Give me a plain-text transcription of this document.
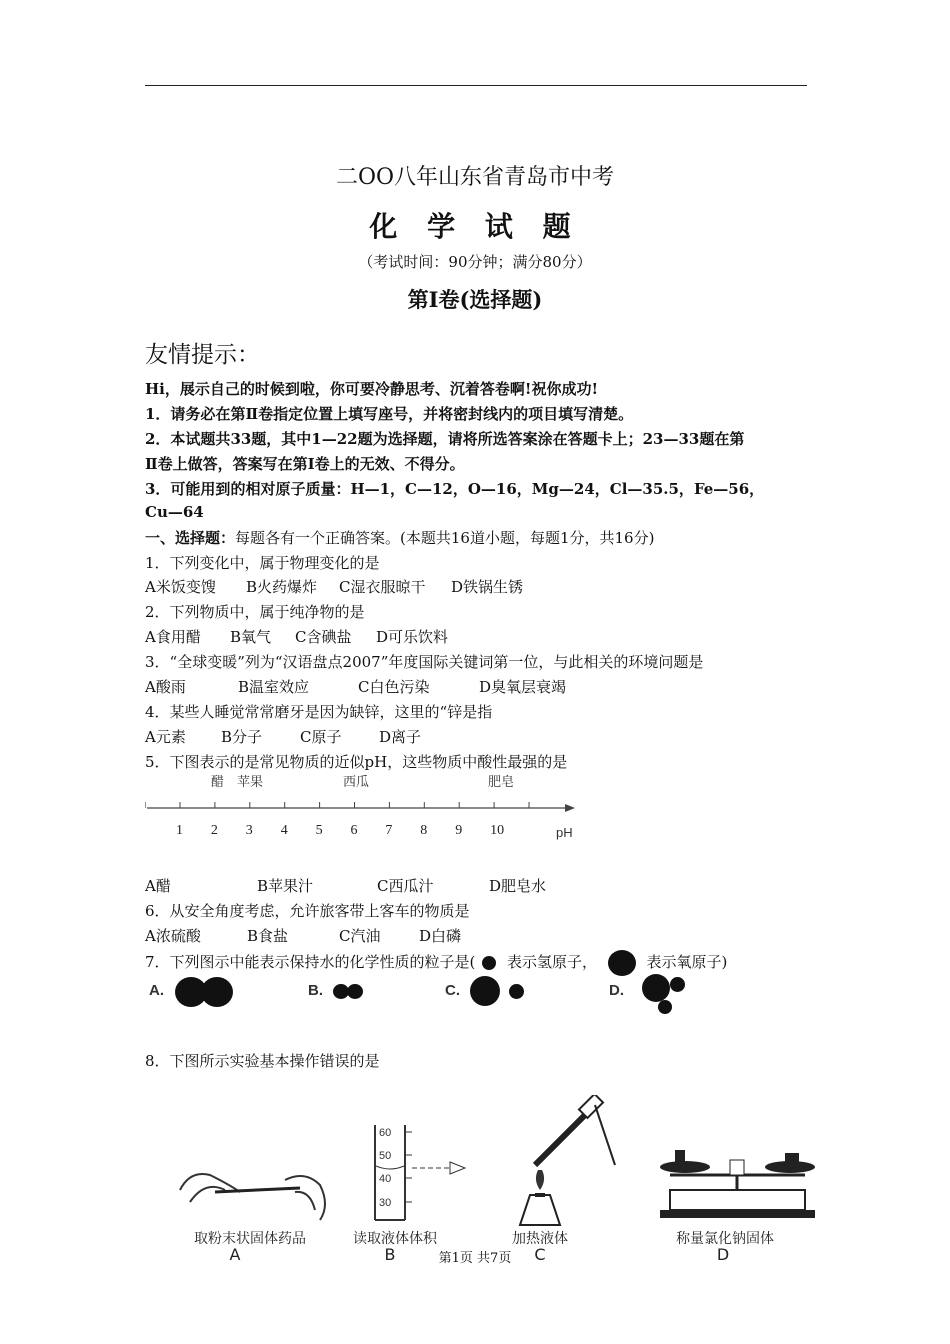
二OO八年山东省青岛市中考
化 学 试 题
（考试时间：90分钟；满分80分）
第Ⅰ卷(选择题)
友情提示：
Hi，展示自己的时候到啦，你可要冷静思考、沉着答卷啊!祝你成功!
1．请务必在第Ⅱ卷指定位置上填写座号，并将密封线内的项目填写清楚。
2．本试题共33题，其中1—22题为选择题，请将所选答案涂在答题卡上；23—33题在第
Ⅱ卷上做答，答案写在第Ⅰ卷上的无效、不得分。
3．可能用到的相对原子质量：H—1，C—12，O—16，Mg—24，Cl—35.5，Fe—56，
Cu—64
一、选择题：每题各有一个正确答案。(本题共16道小题，每题1分，共16分)
1．下列变化中，属于物理变化的是
A米饭变馊 B火药爆炸 C湿衣服晾干 D铁锅生锈
2．下列物质中，属于纯净物的是
A食用醋 B氧气 C含碘盐 D可乐饮料
3．“全球变暖”列为“汉语盘点2007”年度国际关键词第一位，与此相关的环境问题是
A酸雨	B温室效应	C白色污染	D臭氧层衰竭
4．某些人睡觉常常磨牙是因为缺锌，这里的“锌是指
A元素 B分子	C原子	D离子
5．下图表示的是常见物质的近似pH，这些物质中酸性最强的是
醋 苹果	西瓜	肥皂
1 2 3 4 5 6 7 8 9 10	pH
A醋	B苹果汁	C西瓜汁	D肥皂水
6．从安全角度考虑，允许旅客带上客车的物质是
A浓硫酸	B食盐	C汽油	D白磷
7．下列图示中能表示保持水的化学性质的粒子是( 表示氢原子，	表示氧原子)
A.	B.	C.	D.
8．下图所示实验基本操作错误的是
取粉末状固体药品
A
60
50
40
30
读取液体体积
B
加热液体
C
称量氯化钠固体
D
第1页 共7页
